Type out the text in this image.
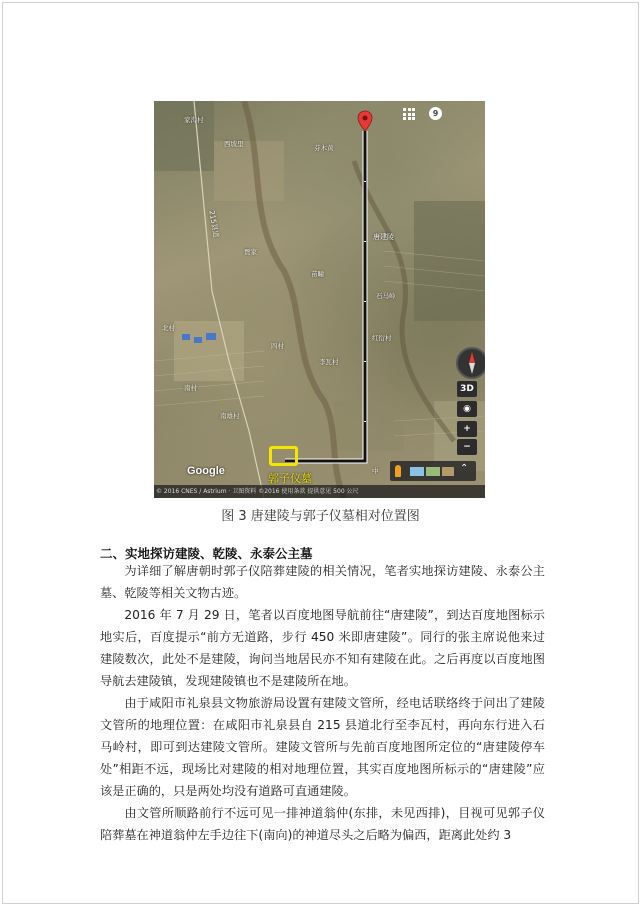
唐建陵
215县道
西坡里	芬木黄
家沟村
贾家
北村
石马岭
苗疃
四村
李瓦村
红衍村
中
南雄村
南村
9
3D
◉
+
−
⌃
郭子仪墓
Google
© 2016 CNES / Astrium · 卫图资料 ©2016 使用条款 提供意见 500 公尺
图 3 唐建陵与郭子仪墓相对位置图
二、实地探访建陵、乾陵、永泰公主墓
为详细了解唐朝时郭子仪陪葬建陵的相关情况，笔者实地探访建陵、永泰公主墓、乾陵等相关文物古迹。
2016 年 7 月 29 日，笔者以百度地图导航前往“唐建陵”，到达百度地图标示地实后，百度提示“前方无道路，步行 450 米即唐建陵”。同行的张主席说他来过建陵数次，此处不是建陵，询问当地居民亦不知有建陵在此。之后再度以百度地图导航去建陵镇，发现建陵镇也不是建陵所在地。
由于咸阳市礼泉县文物旅游局设置有建陵文管所，经电话联络终于问出了建陵文管所的地理位置：在咸阳市礼泉县自 215 县道北行至李瓦村，再向东行进入石马岭村，即可到达建陵文管所。建陵文管所与先前百度地图所定位的“唐建陵停车处”相距不远，现场比对建陵的相对地理位置，其实百度地图所标示的“唐建陵”应该是正确的，只是两处均没有道路可直通建陵。
由文管所顺路前行不远可见一排神道翁仲(东排，未见西排)，目视可见郭子仪陪葬墓在神道翁仲左手边往下(南向)的神道尽头之后略为偏西，距离此处约 3
